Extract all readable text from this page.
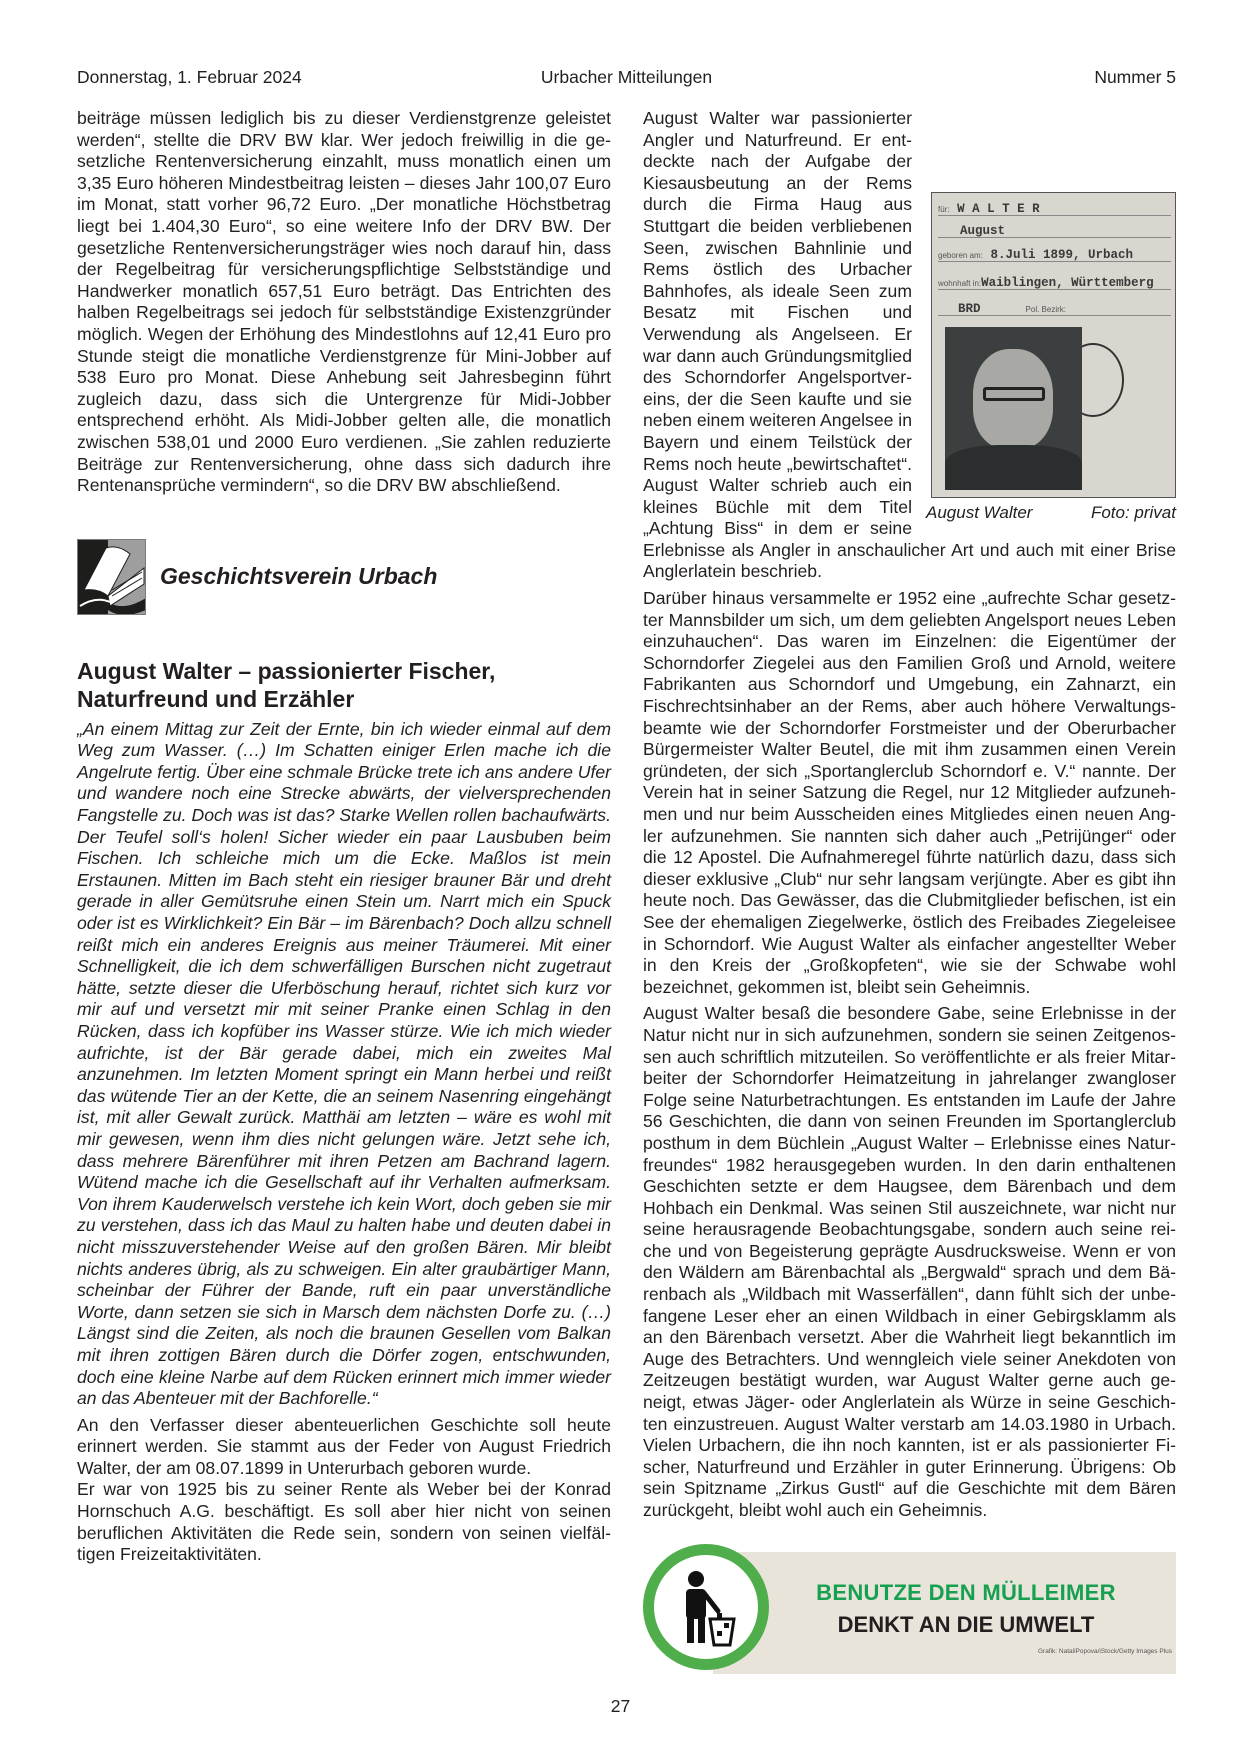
Donnerstag, 1. Februar 2024	Urbacher Mitteilungen	Nummer 5

beiträge müssen lediglich bis zu dieser Verdienstgrenze geleistet werden“, stellte die DRV BW klar. Wer jedoch freiwillig in die gesetzliche Rentenversicherung einzahlt, muss monatlich einen um 3,35 Euro höheren Mindestbeitrag leisten – dieses Jahr 100,07 Euro im Monat, statt vorher 96,72 Euro. „Der monatliche Höchstbetrag liegt bei 1.404,30 Euro“, so eine weitere Info der DRV BW. Der gesetzliche Rentenversicherungsträger wies noch darauf hin, dass der Regelbeitrag für versicherungspflichtige Selbstständige und Handwerker monatlich 657,51 Euro beträgt. Das Entrichten des halben Regelbeitrags sei jedoch für selbstständige Existenzgründer möglich. Wegen der Erhöhung des Mindestlohns auf 12,41 Euro pro Stunde steigt die monatliche Verdienstgrenze für Mini-Jobber auf 538 Euro pro Monat. Diese Anhebung seit Jahresbeginn führt zugleich dazu, dass sich die Untergrenze für Midi-Jobber entsprechend erhöht. Als Midi-Jobber gelten alle, die monatlich zwischen 538,01 und 2000 Euro verdienen. „Sie zahlen reduzierte Beiträge zur Rentenversicherung, ohne dass sich dadurch ihre Rentenansprüche vermindern“, so die DRV BW abschließend.

Geschichtsverein Urbach
August Walter – passionierter Fischer,
Naturfreund und Erzähler

„An einem Mittag zur Zeit der Ernte, bin ich wieder einmal auf dem Weg zum Wasser. (…) Im Schatten einiger Erlen mache ich die Angelrute fertig. Über eine schmale Brücke trete ich ans andere Ufer und wandere noch eine Strecke abwärts, der vielversprechenden Fangstelle zu. Doch was ist das? Starke Wellen rollen bachaufwärts. Der Teufel soll‘s holen! Sicher wieder ein paar Lausbuben beim Fischen. Ich schleiche mich um die Ecke. Maßlos ist mein Erstaunen. Mitten im Bach steht ein riesiger brauner Bär und dreht gerade in aller Gemütsruhe einen Stein um. Narrt mich ein Spuck oder ist es Wirklichkeit? Ein Bär – im Bärenbach? Doch allzu schnell reißt mich ein anderes Ereignis aus meiner Träumerei. Mit einer Schnelligkeit, die ich dem schwerfälligen Burschen nicht zugetraut hätte, setzte dieser die Uferböschung herauf, richtet sich kurz vor mir auf und versetzt mir mit seiner Pranke einen Schlag in den Rücken, dass ich kopfüber ins Wasser stürze. Wie ich mich wieder aufrichte, ist der Bär gerade dabei, mich ein zweites Mal anzunehmen. Im letzten Moment springt ein Mann herbei und reißt das wütende Tier an der Kette, die an seinem Nasenring eingehängt ist, mit aller Gewalt zurück. Matthäi am letzten – wäre es wohl mit mir gewesen, wenn ihm dies nicht gelungen wäre. Jetzt sehe ich, dass mehrere Bärenführer mit ihren Petzen am Bachrand lagern. Wütend mache ich die Gesellschaft auf ihr Verhalten aufmerksam. Von ihrem Kauderwelsch verstehe ich kein Wort, doch geben sie mir zu verstehen, dass ich das Maul zu halten habe und deuten dabei in nicht misszuverstehender Weise auf den großen Bären. Mir bleibt nichts anderes übrig, als zu schweigen. Ein alter graubärtiger Mann, scheinbar der Führer der Bande, ruft ein paar unverständliche Worte, dann setzen sie sich in Marsch dem nächsten Dorfe zu. (…) Längst sind die Zeiten, als noch die braunen Gesellen vom Balkan mit ihren zottigen Bären durch die Dörfer zogen, entschwunden, doch eine kleine Narbe auf dem Rücken erinnert mich immer wieder an das Abenteuer mit der Bachforelle.“

An den Verfasser dieser abenteuerlichen Geschichte soll heute erinnert werden. Sie stammt aus der Feder von August Friedrich Walter, der am 08.07.1899 in Unterurbach geboren wurde.

Er war von 1925 bis zu seiner Rente als Weber bei der Konrad Hornschuch A.G. beschäftigt. Es soll aber hier nicht von seinen beruflichen Aktivitäten die Rede sein, sondern von seinen vielfältigen Freizeitaktivitäten.

für: W A L T E R
August
geboren am: 8.Juli 1899, Urbach
wohnhaft in:Waiblingen, Württemberg
BRD	Pol. Bezirk:
August Walter	Foto: privat

August Walter war passionierter Angler und Naturfreund. Er entdeckte nach der Aufgabe der Kiesausbeutung an der Rems durch die Firma Haug aus Stuttgart die beiden verbliebenen Seen, zwischen Bahnlinie und Rems östlich des Urbacher Bahnhofes, als ideale Seen zum Besatz mit Fischen und Verwendung als Angelseen. Er war dann auch Gründungsmitglied des Schorndorfer Angelsportvereins, der die Seen kaufte und sie neben einem weiteren Angelsee in Bayern und einem Teilstück der Rems noch heute „bewirtschaftet“. August Walter schrieb auch ein kleines Büchle mit dem Titel „Achtung Biss“ in dem er seine Erlebnisse als Angler in anschaulicher Art und auch mit einer Brise Anglerlatein beschrieb.

Darüber hinaus versammelte er 1952 eine „aufrechte Schar gesetzter Mannsbilder um sich, um dem geliebten Angelsport neues Leben einzuhauchen“. Das waren im Einzelnen: die Eigentümer der Schorndorfer Ziegelei aus den Familien Groß und Arnold, weitere Fabrikanten aus Schorndorf und Umgebung, ein Zahnarzt, ein Fischrechtsinhaber an der Rems, aber auch höhere Verwaltungsbeamte wie der Schorndorfer Forstmeister und der Oberurbacher Bürgermeister Walter Beutel, die mit ihm zusammen einen Verein gründeten, der sich „Sportanglerclub Schorndorf e. V.“ nannte. Der Verein hat in seiner Satzung die Regel, nur 12 Mitglieder aufzunehmen und nur beim Ausscheiden eines Mitgliedes einen neuen Angler aufzunehmen. Sie nannten sich daher auch „Petrijünger“ oder die 12 Apostel. Die Aufnahmeregel führte natürlich dazu, dass sich dieser exklusive „Club“ nur sehr langsam verjüngte. Aber es gibt ihn heute noch. Das Gewässer, das die Clubmitglieder befischen, ist ein See der ehemaligen Ziegelwerke, östlich des Freibades Ziegeleisee in Schorndorf. Wie August Walter als einfacher angestellter Weber in den Kreis der „Großkopfeten“, wie sie der Schwabe wohl bezeichnet, gekommen ist, bleibt sein Geheimnis.

August Walter besaß die besondere Gabe, seine Erlebnisse in der Natur nicht nur in sich aufzunehmen, sondern sie seinen Zeitgenossen auch schriftlich mitzuteilen. So veröffentlichte er als freier Mitarbeiter der Schorndorfer Heimatzeitung in jahrelanger zwangloser Folge seine Naturbetrachtungen. Es entstanden im Laufe der Jahre 56 Geschichten, die dann von seinen Freunden im Sportanglerclub posthum in dem Büchlein „August Walter – Erlebnisse eines Naturfreundes“ 1982 herausgegeben wurden. In den darin enthaltenen Geschichten setzte er dem Haugsee, dem Bärenbach und dem Hohbach ein Denkmal. Was seinen Stil auszeichnete, war nicht nur seine herausragende Beobachtungsgabe, sondern auch seine reiche und von Begeisterung geprägte Ausdrucksweise. Wenn er von den Wäldern am Bärenbachtal als „Bergwald“ sprach und dem Bärenbach als „Wildbach mit Wasserfällen“, dann fühlt sich der unbefangene Leser eher an einen Wildbach in einer Gebirgsklamm als an den Bärenbach versetzt. Aber die Wahrheit liegt bekanntlich im Auge des Betrachters. Und wenngleich viele seiner Anekdoten von Zeitzeugen bestätigt wurden, war August Walter gerne auch geneigt, etwas Jäger- oder Anglerlatein als Würze in seine Geschichten einzustreuen. August Walter verstarb am 14.03.1980 in Urbach. Vielen Urbachern, die ihn noch kannten, ist er als passionierter Fischer, Naturfreund und Erzähler in guter Erinnerung. Übrigens: Ob sein Spitzname „Zirkus Gustl“ auf die Geschichte mit dem Bären zurückgeht, bleibt wohl auch ein Geheimnis.

BENUTZE DEN MÜLLEIMER
DENKT AN DIE UMWELT
Grafik: NataliPopova/iStock/Getty Images Plus
27
